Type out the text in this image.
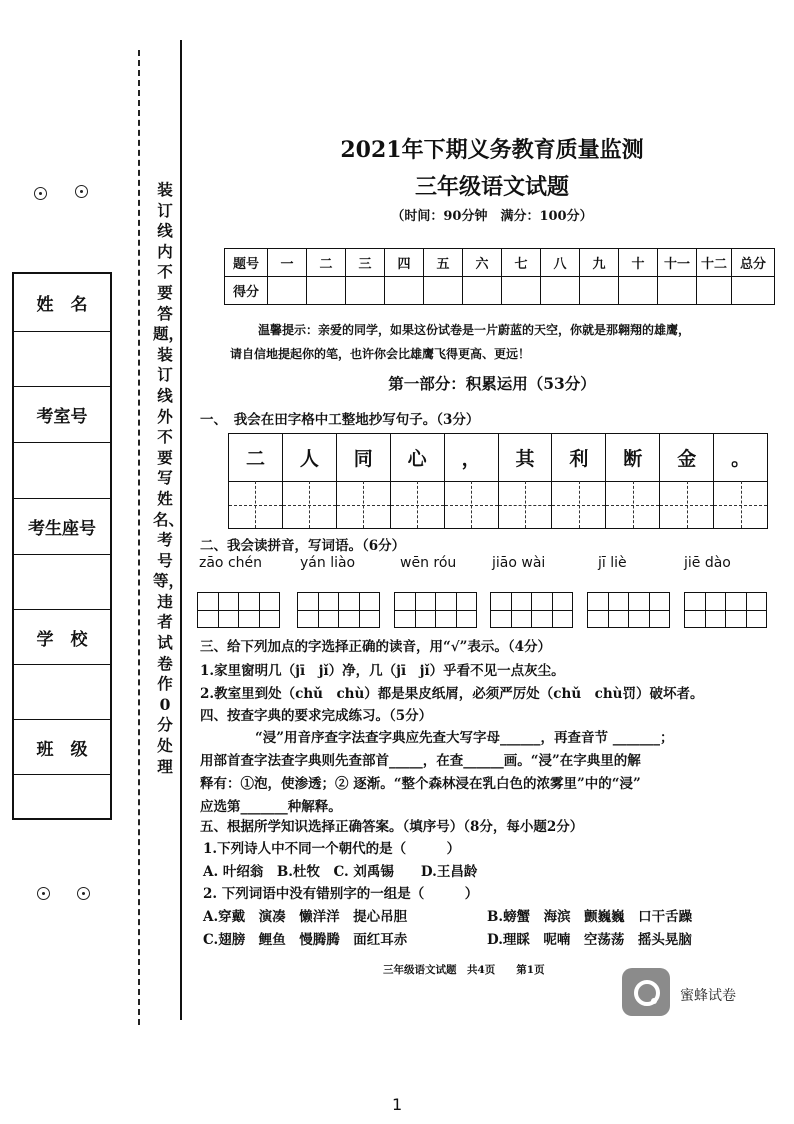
姓　名
考室号
考生座号
学　校
班　级
装订线内不要答题，装订线外不要写姓名、考号等，违者试卷作0分处理
2021年下期义务教育质量监测
三年级语文试题
（时间：90分钟　满分：100分）
题号	一	二	三	四	五	六	七	八	九	十	十一	十二	总分
得分													
温馨提示：亲爱的同学，如果这份试卷是一片蔚蓝的天空，你就是那翱翔的雄鹰，
请自信地提起你的笔，也许你会比雄鹰飞得更高、更远！
第一部分：积累运用（53分）
一、　我会在田字格中工整地抄写句子。（3分）
二	人	同	心	，	其	利	断	金	。
二、我会读拼音，写词语。（6分）
zāo chén	yán liào	wēn róu	jiāo wài	jī liè	jiē dào
三、给下列加点的字选择正确的读音，用“√”表示。（4分）
1.家里窗明几（jī　jǐ）净，几（jī　jǐ）乎看不见一点灰尘。
2.教室里到处（chǔ　chù）都是果皮纸屑，必须严厉处（chǔ　chù罚）破坏者。
四、按查字典的要求完成练习。（5分）
“浸”用音序查字法查字典应先查大写字母______，再查音节 _______；
用部首查字法查字典则先查部首_____，在查______画。“浸”在字典里的解
释有：①泡，使渗透；② 逐渐。“整个森林浸在乳白色的浓雾里”中的“浸”
应选第_______种解释。
五、根据所学知识选择正确答案。（填序号）（8分，每小题2分）
1.下列诗人中不同一个朝代的是（　　　）
A. 叶绍翁　B.杜牧　C. 刘禹锡　　D.王昌龄
2. 下列词语中没有错别字的一组是（　　　）
A.穿戴　演凑　懒洋洋　提心吊胆	B.螃蟹　海滨　颤巍巍　口干舌躁
C.翅膀　鲤鱼　慢腾腾　面红耳赤	D.理睬　呢喃　空荡荡　摇头晃脑
三年级语文试题　共4页　　第1页
蜜蜂试卷
1
